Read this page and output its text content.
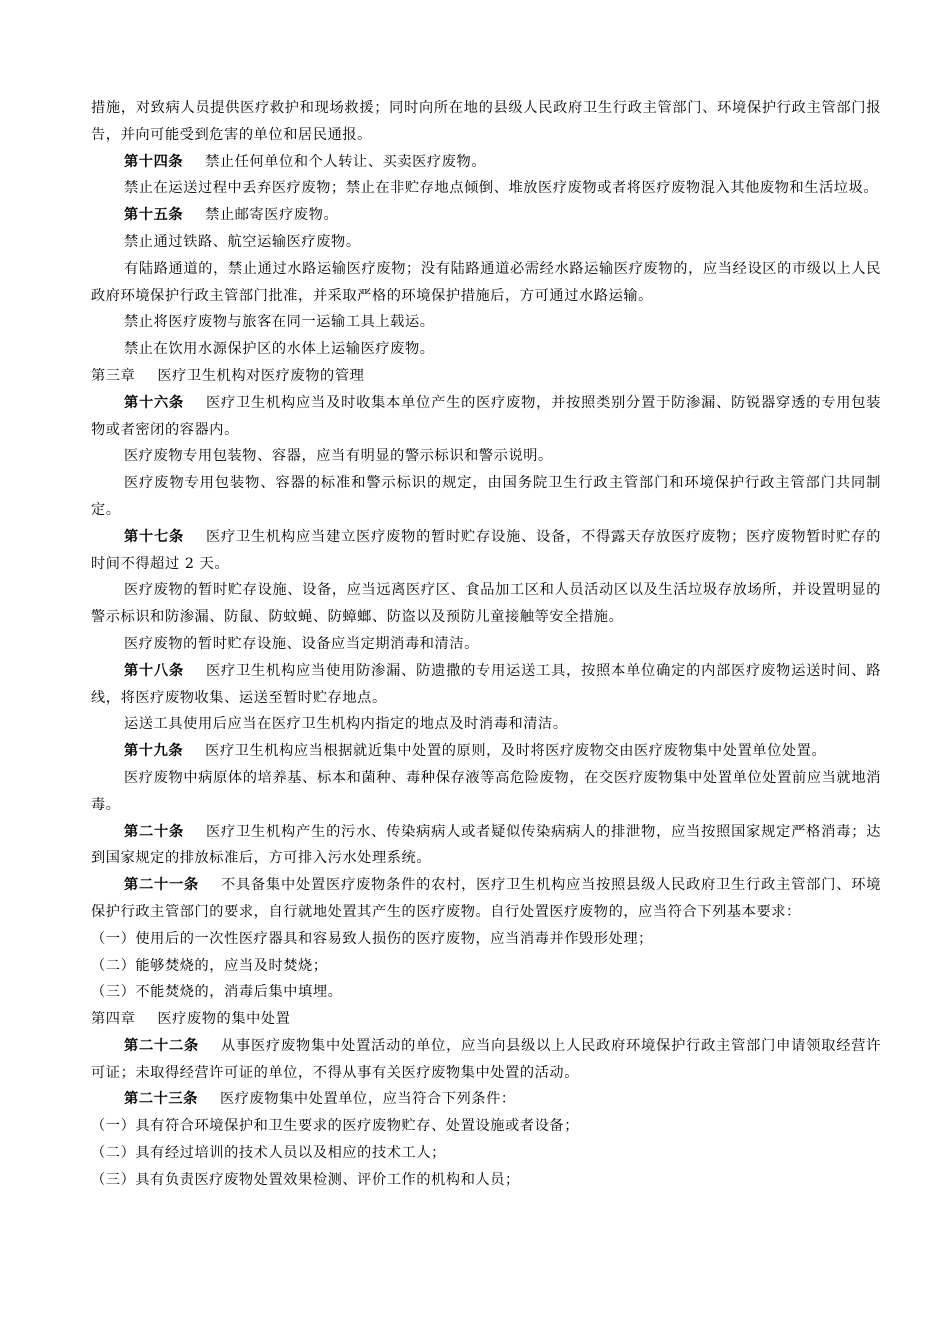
措施，对致病人员提供医疗救护和现场救援；同时向所在地的县级人民政府卫生行政主管部门、环境保护行政主管部门报告，并向可能受到危害的单位和居民通报。

第十四条 禁止任何单位和个人转让、买卖医疗废物。

禁止在运送过程中丢弃医疗废物；禁止在非贮存地点倾倒、堆放医疗废物或者将医疗废物混入其他废物和生活垃圾。

第十五条 禁止邮寄医疗废物。

禁止通过铁路、航空运输医疗废物。

有陆路通道的，禁止通过水路运输医疗废物；没有陆路通道必需经水路运输医疗废物的，应当经设区的市级以上人民政府环境保护行政主管部门批准，并采取严格的环境保护措施后，方可通过水路运输。

禁止将医疗废物与旅客在同一运输工具上载运。

禁止在饮用水源保护区的水体上运输医疗废物。

第三章 医疗卫生机构对医疗废物的管理

第十六条 医疗卫生机构应当及时收集本单位产生的医疗废物，并按照类别分置于防渗漏、防锐器穿透的专用包装物或者密闭的容器内。

医疗废物专用包装物、容器，应当有明显的警示标识和警示说明。

医疗废物专用包装物、容器的标准和警示标识的规定，由国务院卫生行政主管部门和环境保护行政主管部门共同制定。

第十七条 医疗卫生机构应当建立医疗废物的暂时贮存设施、设备，不得露天存放医疗废物；医疗废物暂时贮存的时间不得超过 2 天。

医疗废物的暂时贮存设施、设备，应当远离医疗区、食品加工区和人员活动区以及生活垃圾存放场所，并设置明显的警示标识和防渗漏、防鼠、防蚊蝇、防蟑螂、防盗以及预防儿童接触等安全措施。

医疗废物的暂时贮存设施、设备应当定期消毒和清洁。

第十八条 医疗卫生机构应当使用防渗漏、防遗撒的专用运送工具，按照本单位确定的内部医疗废物运送时间、路线，将医疗废物收集、运送至暂时贮存地点。

运送工具使用后应当在医疗卫生机构内指定的地点及时消毒和清洁。

第十九条 医疗卫生机构应当根据就近集中处置的原则，及时将医疗废物交由医疗废物集中处置单位处置。

医疗废物中病原体的培养基、标本和菌种、毒种保存液等高危险废物，在交医疗废物集中处置单位处置前应当就地消毒。

第二十条 医疗卫生机构产生的污水、传染病病人或者疑似传染病病人的排泄物，应当按照国家规定严格消毒；达到国家规定的排放标准后，方可排入污水处理系统。

第二十一条 不具备集中处置医疗废物条件的农村，医疗卫生机构应当按照县级人民政府卫生行政主管部门、环境保护行政主管部门的要求，自行就地处置其产生的医疗废物。自行处置医疗废物的，应当符合下列基本要求：

（一）使用后的一次性医疗器具和容易致人损伤的医疗废物，应当消毒并作毁形处理；

（二）能够焚烧的，应当及时焚烧；

（三）不能焚烧的，消毒后集中填埋。

第四章 医疗废物的集中处置

第二十二条 从事医疗废物集中处置活动的单位，应当向县级以上人民政府环境保护行政主管部门申请领取经营许可证；未取得经营许可证的单位，不得从事有关医疗废物集中处置的活动。

第二十三条 医疗废物集中处置单位，应当符合下列条件：

（一）具有符合环境保护和卫生要求的医疗废物贮存、处置设施或者设备；

（二）具有经过培训的技术人员以及相应的技术工人；

（三）具有负责医疗废物处置效果检测、评价工作的机构和人员；
